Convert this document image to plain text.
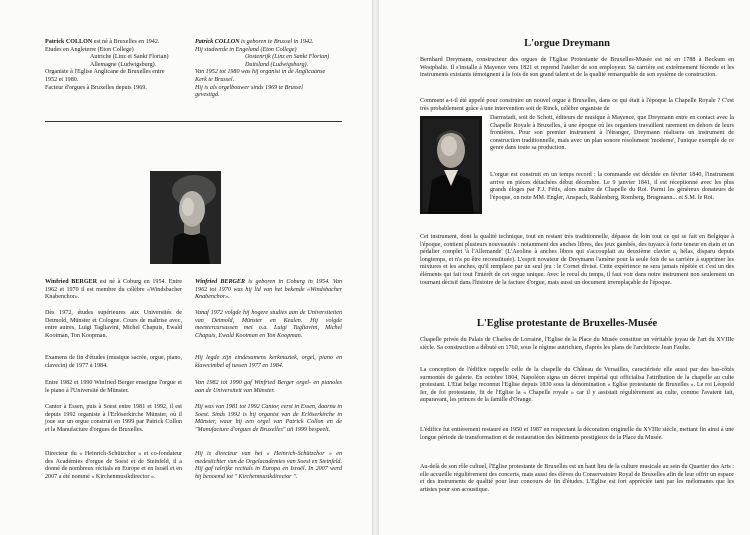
Patrick COLLON est né à Bruxelles en 1942.
Etudes en Angleterre (Eton College)
Autriche (Linz et Sankt Florian)
Allemagne (Ludwigsburg).
Organiste à l'Eglise Anglicane de Bruxelles entre
1952 et 1980.
Facteur d'orgues à Bruxelles depuis 1969.

Patrick COLLON is geboren te Brussel in 1942.
Hij studeerde in Engeland (Eton College)
Oostenrijk (Linz en Sankt Florian)
Duitsland (Ludwigsburg).
Van 1952 tot 1980 was hij organist in de Anglicaanse
Kerk te Brussel.
Hij is als orgelbouwer sinds 1969 te Brussel
gevestigd.

Winfried BERGER est né à Coburg en 1954. Entre 1962 et 1970 il est membre du célèbre «Windsbacher Knabenchor».

Dès 1972, études supérieures aux Universités de Detmold, Münster et Cologne. Cours de maîtrise avec, entre autres, Luigi Tagliavini, Michel Chapuis, Ewald Kooiman, Ton Koopman.

Examens de fin d'études (musique sacrée, orgue, piano, clavecin) de 1977 à 1984.

Entre 1982 et 1990 Winfried Berger enseigne l'orgue et le piano à l'Université de Münster.

Cantor à Essen, puis à Soest entre 1981 et 1992, il est depuis 1992 organiste à l'Erlöserkirche Münster, où il joue sur un orgue construit en 1999 par Patrick Collon et la Manufacture d'orgues de Bruxelles.

Directeur du « Heinrich-Schützchor » et co-fondateur des Académies d'orgue de Soest et de Steinfeld, il a donné de nombreux récitals en Europe et en Israël et en 2007 a été nommé « Kirchenmusikdirector ».

Winfried BERGER is geboren in Coburg in 1954. Van 1962 tot 1970 was hij lid van het bekende «Windsbacher Knabenchor».

Vanaf 1972 volgde hij hogere studies aan de Universiteiten van Detmold, Münster en Keulen. Hij volgde meestercursussen met o.a. Luigi Tagliavini, Michel Chapuis, Ewald Kooiman en Ton Koopman.

Hij legde zijn eindexamens kerkmuziek, orgel, piano en klavecimbel af tussen 1977 en 1984.

Van 1982 tot 1990 gaf Winfried Berger orgel- en pianoles aan de Universiteit van Münster.

Hij was van 1981 tot 1992 Cantor, eerst in Essen, daarna in Soest. Sinds 1992 is hij organist van de Erlöserkirche in Münster, waar hij een orgel van Patrick Collon en de "Manufacture d'orgues de Bruxelles" uit 1999 bespeelt.

Hij is directeur van het « Heinrich-Schützchor » en medestichter van de Orgelacademies van Soest en Steinfeld. Hij gaf talrijke recitals in Europa en Israël. In 2007 werd hij benoemd tot " Kirchenmusikdirector ".

L'orgue Dreymann

Bernhard Dreymann, constructeur des orgues de l'Eglise Protestante de Bruxelles-Musée est né en 1788 à Beckum en Westphalie. Il s'installe à Mayence vers 1821 et reprend l'atelier de son employeur. Sa carrière est extrêmement féconde et les instruments existants témoignent à la fois de son grand talent et de la qualité remarquable de son système de construction.

Comment a-t-il été appelé pour construire un nouvel orgue à Bruxelles, dans ce qui était à l'époque la Chapelle Royale ? C'est très probablement grâce à une intervention soit de Rinck, célèbre organiste de

Darmstadt, soit de Schott, éditeurs de musique à Mayence, que Dreymann entre en contact avec la Chapelle Royale à Bruxelles, à une époque où les organiers travaillent rarement en dehors de leurs frontières. Pour son premier instrument à l'étranger, Dreymann réalisera un instrument de construction traditionnelle, mais avec un plan sonore résolument 'moderne', l'unique exemple de ce genre dans toute sa production.

L'orgue est construit en un temps record : la commande est décidée en février 1840, l'instrument arrive en pièces détachées début décembre. Le 9 janvier 1841, il est réceptionné avec les plus grands éloges par F.J. Fétis, alors maître de Chapelle du Roi. Parmi les généreux donateurs de l'époque, on note MM. Engler, Anspach, Rahlenberg, Romberg, Brugmann... et S.M. le Roi.

Cet instrument, dont la qualité technique, tout en restant très traditionnelle, dépasse de loin tout ce qui se fait en Belgique à l'époque, contient plusieurs nouveautés : notamment des anches libres, des jeux gambés, des tuyaux à forte teneur en étain et un pédalier complet 'à l'Allemande' (L'Aeoline à anches libres qui s'accouplait au deuxième clavier a, hélas, disparu depuis longtemps, et n'a pu être reconstituée). L'esprit novateur de Dreymann l'amène pour la seule fois de sa carrière à supprimer les mixtures et les anches, qu'il remplace par un seul jeu : le Cornet divisé. Cette expérience ne sera jamais répétée et c'est un des éléments qui fait tout l'intérêt de cet orgue unique. Avec le recul du temps, il faut voir dans notre instrument non seulement un tournant décisif dans l'histoire de la facture d'orgue, mais aussi un document irremplaçable de l'époque.

L'Eglise protestante de Bruxelles-Musée

Chapelle privée du Palais de Charles de Lorraine, l'Eglise de la Place du Musée constitue un véritable joyau de l'art du XVIIIe siècle. Sa construction a débuté en 1760, sous le régime autrichien, d'après les plans de l'architecte Jean Faulte.

La conception de l'édifice rappelle celle de la chapelle du Château de Versailles, caractérisée elle aussi par des bas-côtés surmontés de galerie. En octobre 1804, Napoléon signa un décret impérial qui officialisa l'attribution de la chapelle au culte protestant. L'Etat belge reconnut l'Eglise depuis 1830 sous la dénomination « Eglise protestante de Bruxelles ». Le roi Léopold Ier, de foi protestante, fit de l'Eglise la « Chapelle royale » car il y assistait régulièrement au culte, comme l'avaient fait, auparavant, les princes de la famille d'Orange.

L'édifice fut entièrement restauré en 1950 et 1987 en respectant la décoration originelle du XVIIIe siècle, mettant fin ainsi à une longue période de transformation et de restauration des bâtiments prestigieux de la Place du Musée.

Au-delà de son rôle cultuel, l'Eglise protestante de Bruxelles est un haut lieu de la culture musicale au sein du Quartier des Arts : elle accueille régulièrement des concerts, mais aussi des élèves du Conservatoire Royal de Bruxelles afin de leur offrir un espace et des instruments de qualité pour leur concours de fin d'études. L'Eglise est fort appréciée tant par les mélomanes que les artistes pour son acoustique.
